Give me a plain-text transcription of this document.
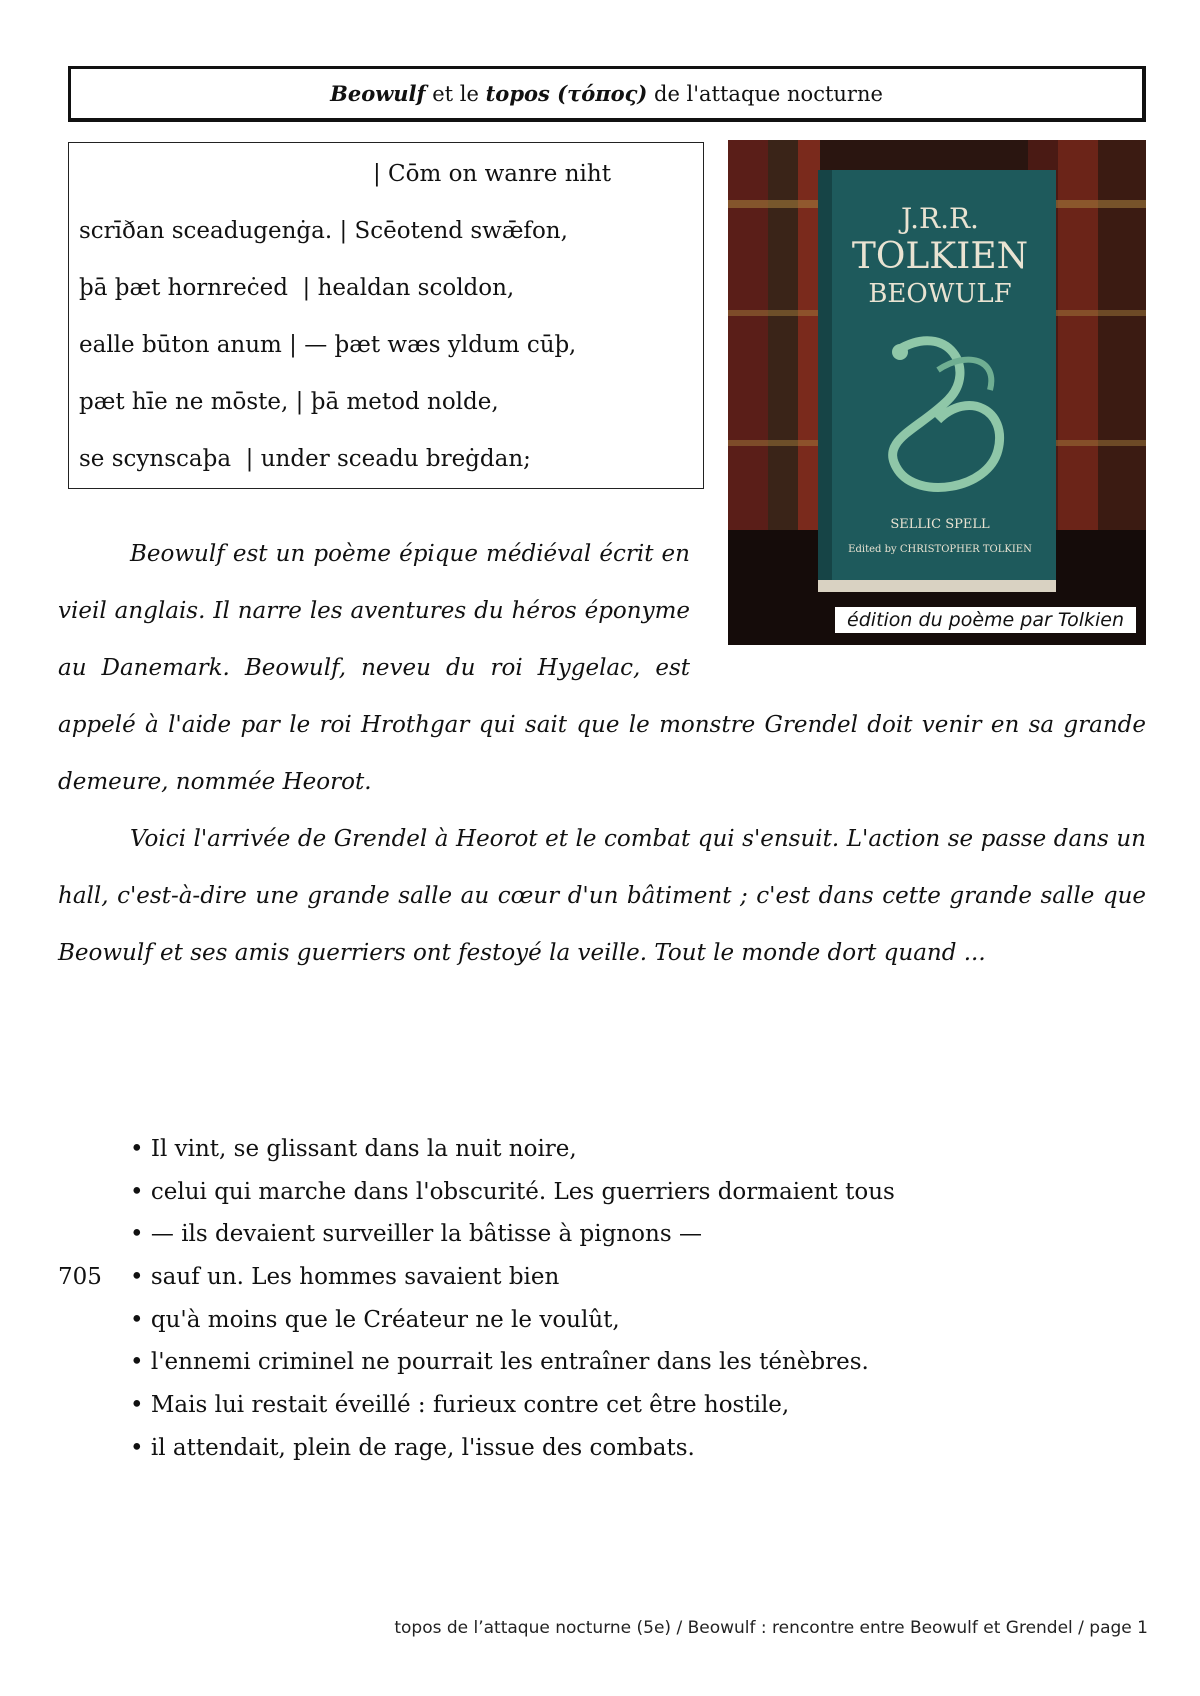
Beowulf et le topos (τόπος) de l'attaque nocturne
| Cōm on wanre niht
scrīðan sceadugenġa. | Scēotend swǣfon,
þā þæt hornreċed  | healdan scoldon,
ealle būton anum | — þæt wæs yldum cūþ,
pæt hīe ne mōste, | þā metod nolde,
se scynscaþa  | under sceadu breġdan;
J.R.R.
TOLKIEN
BEOWULF
SELLIC SPELL
Edited by CHRISTOPHER TOLKIEN
édition du poème par Tolkien

Beowulf est un poème épique médiéval écrit en vieil anglais. Il narre les aventures du héros éponyme au Danemark. Beowulf, neveu du roi Hygelac, est appelé à l'aide par le roi Hrothgar qui sait que le monstre Grendel doit venir en sa grande demeure, nommée Heorot.

Voici l'arrivée de Grendel à Heorot et le combat qui s'ensuit. L'action se passe dans un hall, c'est-à-dire une grande salle au cœur d'un bâtiment ; c'est dans cette grande salle que Beowulf et ses amis guerriers ont festoyé la veille. Tout le monde dort quand ...

• Il vint, se glissant dans la nuit noire,
• celui qui marche dans l'obscurité. Les guerriers dormaient tous
• — ils devaient surveiller la bâtisse à pignons —
705 • sauf un. Les hommes savaient bien
• qu'à moins que le Créateur ne le voulût,
• l'ennemi criminel ne pourrait les entraîner dans les ténèbres.
• Mais lui restait éveillé : furieux contre cet être hostile,
• il attendait, plein de rage, l'issue des combats.
topos de l’attaque nocturne (5e) / Beowulf : rencontre entre Beowulf et Grendel / page 1
